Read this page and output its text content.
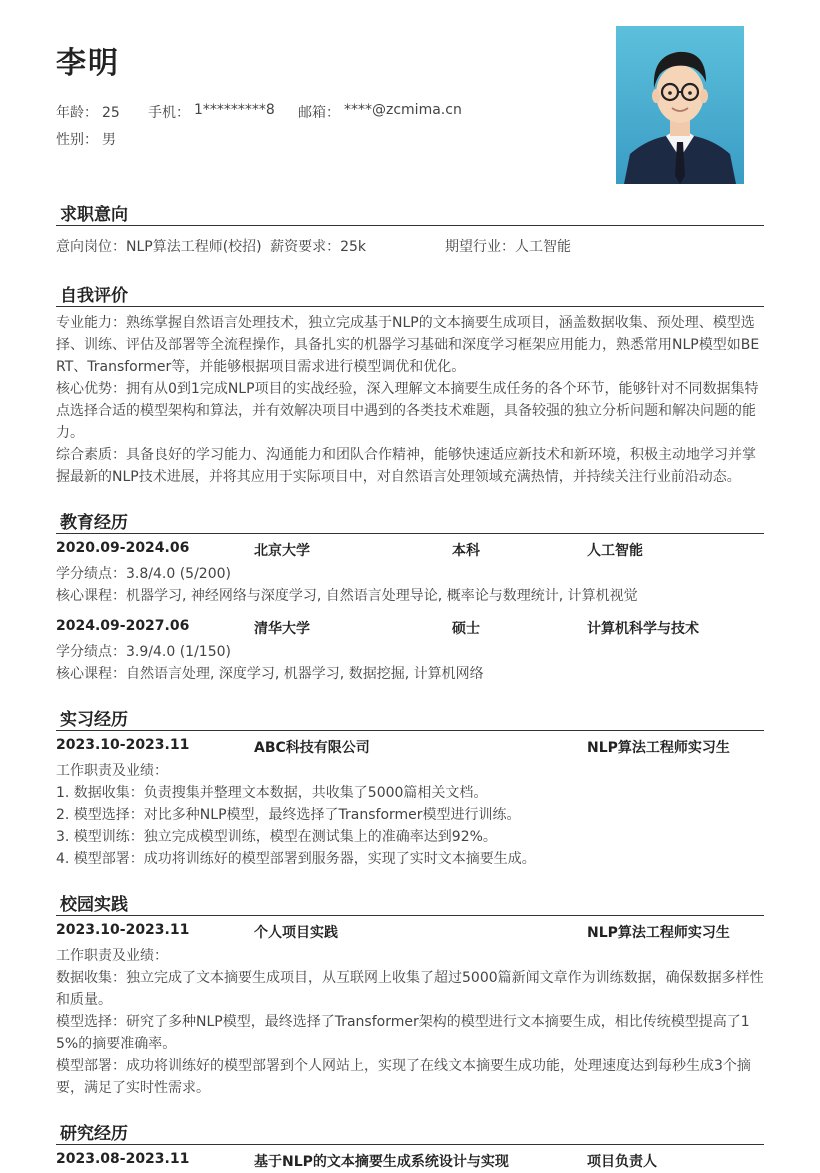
李明
年龄： 25 手机： 1*********8 邮箱： ****@zcmima.cn
性别： 男
求职意向
意向岗位：NLP算法工程师(校招) 薪资要求：25k	期望行业： 人工智能
自我评价
专业能力：熟练掌握自然语言处理技术，独立完成基于NLP的文本摘要生成项目，涵盖数据收集、预处理、模型选
择、训练、评估及部署等全流程操作，具备扎实的机器学习基础和深度学习框架应用能力，熟悉常用NLP模型如BE
RT、Transformer等，并能够根据项目需求进行模型调优和优化。
核心优势：拥有从0到1完成NLP项目的实战经验，深入理解文本摘要生成任务的各个环节，能够针对不同数据集特
点选择合适的模型架构和算法，并有效解决项目中遇到的各类技术难题，具备较强的独立分析问题和解决问题的能
力。
综合素质：具备良好的学习能力、沟通能力和团队合作精神，能够快速适应新技术和新环境，积极主动地学习并掌
握最新的NLP技术进展，并将其应用于实际项目中，对自然语言处理领域充满热情，并持续关注行业前沿动态。
教育经历
2020.09-2024.06	北京大学	本科	人工智能
学分绩点：3.8/4.0 (5/200)
核心课程：机器学习, 神经网络与深度学习, 自然语言处理导论, 概率论与数理统计, 计算机视觉
2024.09-2027.06	清华大学	硕士	计算机科学与技术
学分绩点：3.9/4.0 (1/150)
核心课程：自然语言处理, 深度学习, 机器学习, 数据挖掘, 计算机网络
实习经历
2023.10-2023.11	ABC科技有限公司	NLP算法工程师实习生
工作职责及业绩：
1. 数据收集：负责搜集并整理文本数据，共收集了5000篇相关文档。
2. 模型选择：对比多种NLP模型，最终选择了Transformer模型进行训练。
3. 模型训练：独立完成模型训练，模型在测试集上的准确率达到92%。
4. 模型部署：成功将训练好的模型部署到服务器，实现了实时文本摘要生成。
校园实践
2023.10-2023.11	个人项目实践	NLP算法工程师实习生
工作职责及业绩：
数据收集：独立完成了文本摘要生成项目，从互联网上收集了超过5000篇新闻文章作为训练数据，确保数据多样性
和质量。
模型选择：研究了多种NLP模型，最终选择了Transformer架构的模型进行文本摘要生成，相比传统模型提高了1
5%的摘要准确率。
模型部署：成功将训练好的模型部署到个人网站上，实现了在线文本摘要生成功能，处理速度达到每秒生成3个摘
要，满足了实时性需求。
研究经历
2023.08-2023.11	基于NLP的文本摘要生成系统设计与实现	项目负责人
